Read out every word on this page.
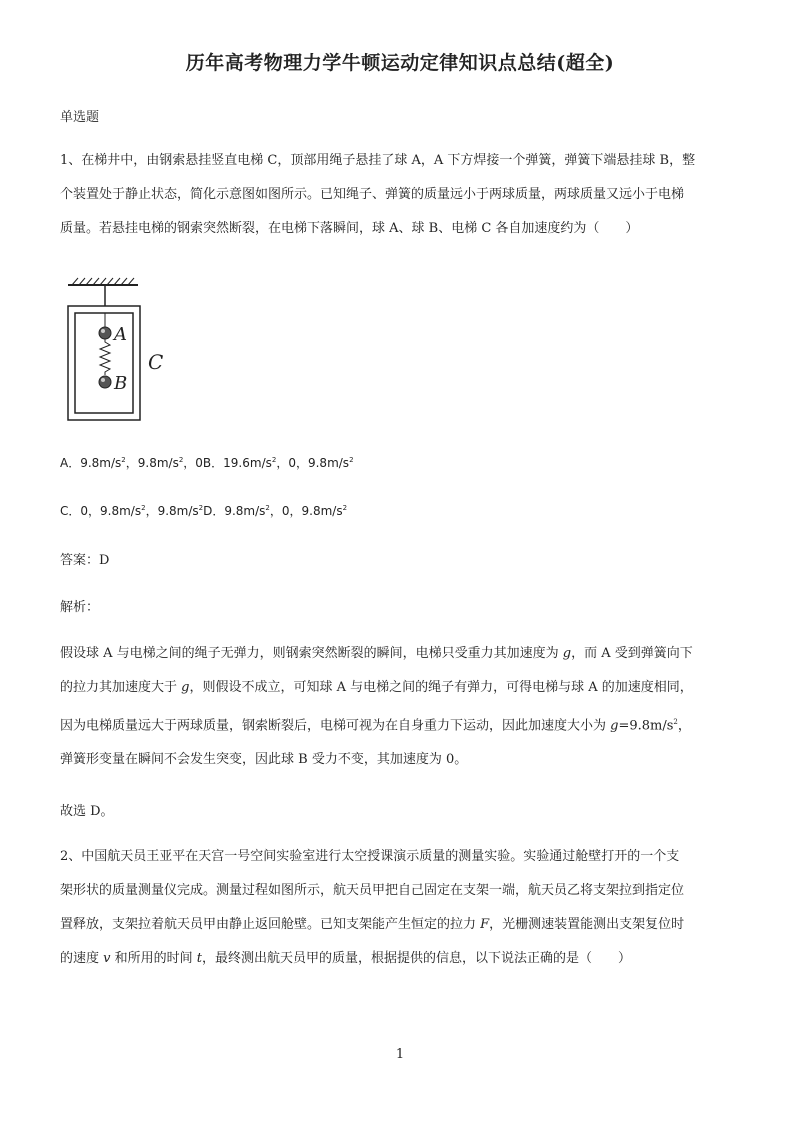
历年高考物理力学牛顿运动定律知识点总结(超全)
单选题
1、在梯井中，由钢索悬挂竖直电梯 C，顶部用绳子悬挂了球 A，A 下方焊接一个弹簧，弹簧下端悬挂球 B，整
个装置处于静止状态，简化示意图如图所示。已知绳子、弹簧的质量远小于两球质量，两球质量又远小于电梯
质量。若悬挂电梯的钢索突然断裂，在电梯下落瞬间，球 A、球 B、电梯 C 各自加速度约为（　　）
A
B
C
A．$9.8m/s^2$，$9.8m/s^2$，0B．$19.6m/s^2$，0，$9.8m/s^2$
C．0，$9.8m/s^2$，$9.8m/s^2D$．$9.8m/s^2$，0，$9.8m/s^2$
答案：D
解析：
假设球 A 与电梯之间的绳子无弹力，则钢索突然断裂的瞬间，电梯只受重力其加速度为 g，而 A 受到弹簧向下
的拉力其加速度大于 g，则假设不成立，可知球 A 与电梯之间的绳子有弹力，可得电梯与球 A 的加速度相同，
因为电梯质量远大于两球质量，钢索断裂后，电梯可视为在自身重力下运动，因此加速度大小为 $g=9.8m/s^2$，
弹簧形变量在瞬间不会发生突变，因此球 B 受力不变，其加速度为 0。
故选 D。
2、中国航天员王亚平在天宫一号空间实验室进行太空授课演示质量的测量实验。实验通过舱壁打开的一个支
架形状的质量测量仪完成。测量过程如图所示，航天员甲把自己固定在支架一端，航天员乙将支架拉到指定位
置释放，支架拉着航天员甲由静止返回舱壁。已知支架能产生恒定的拉力 F，光栅测速装置能测出支架复位时
的速度 v 和所用的时间 t，最终测出航天员甲的质量，根据提供的信息，以下说法正确的是（　　）
1
